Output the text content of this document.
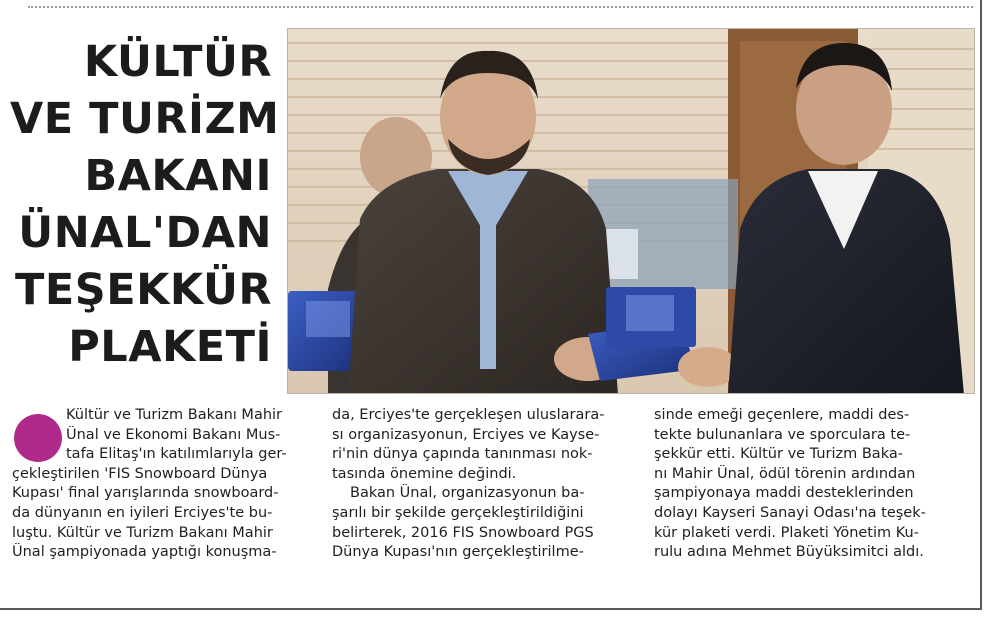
KÜLTÜR
VE TURİZM
BAKANI
ÜNAL'DAN
TEŞEKKÜR
PLAKETİ
Kültür ve Turizm Bakanı Mahir
Ünal ve Ekonomi Bakanı Mus-
tafa Elitaş'ın katılımlarıyla ger-
çekleştirilen 'FIS Snowboard Dünya
Kupası' final yarışlarında snowboard-
da dünyanın en iyileri Erciyes'te bu-
luştu. Kültür ve Turizm Bakanı Mahir
Ünal şampiyonada yaptığı konuşma-
da, Erciyes'te gerçekleşen uluslarara-
sı organizasyonun, Erciyes ve Kayse-
ri'nin dünya çapında tanınması nok-
tasında önemine değindi.
Bakan Ünal, organizasyonun ba-
şarılı bir şekilde gerçekleştirildiğini
belirterek, 2016 FIS Snowboard PGS
Dünya Kupası'nın gerçekleştirilme-
sinde emeği geçenlere, maddi des-
tekte bulunanlara ve sporculara te-
şekkür etti. Kültür ve Turizm Baka-
nı Mahir Ünal, ödül törenin ardından
şampiyonaya maddi desteklerinden
dolayı Kayseri Sanayi Odası'na teşek-
kür plaketi verdi. Plaketi Yönetim Ku-
rulu adına Mehmet Büyüksimitci aldı.
